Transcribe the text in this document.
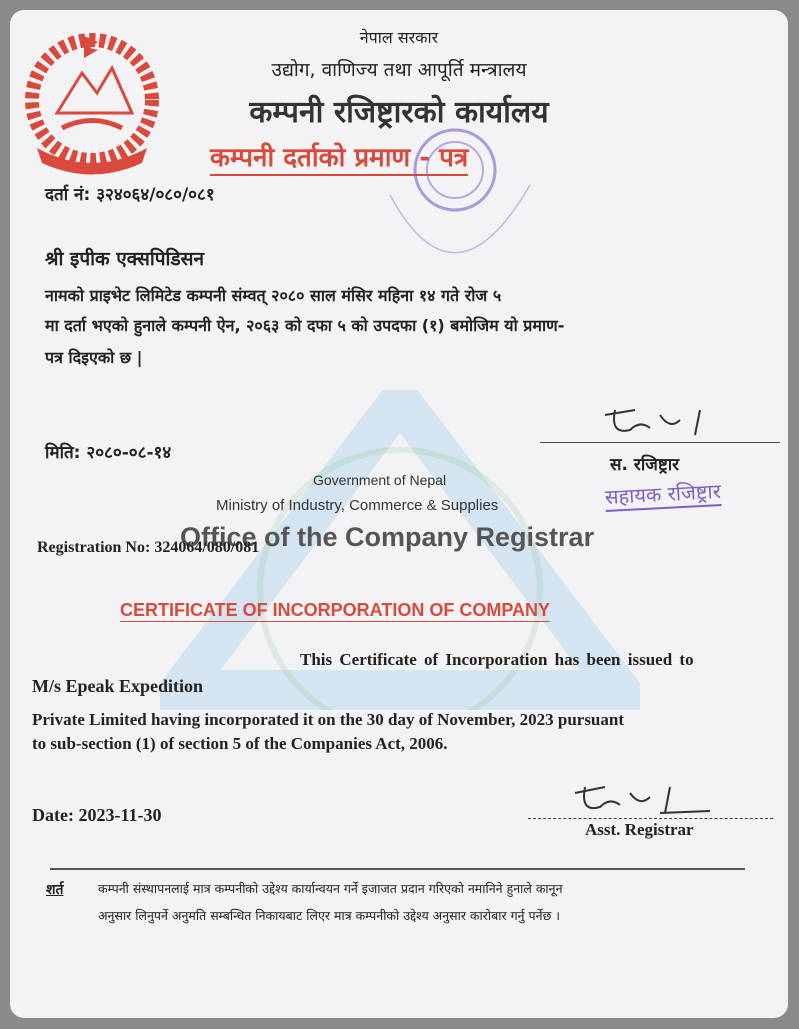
नेपाल सरकार
उद्योग, वाणिज्य तथा आपूर्ति मन्त्रालय
कम्पनी रजिष्ट्रारको कार्यालय
कम्पनी दर्ताको प्रमाण - पत्र
दर्ता नं: ३२४०६४/०८०/०८१
श्री इपीक एक्सपिडिसन
नामको प्राइभेट लिमिटेड कम्पनी संम्वत् २०८० साल मंसिर महिना १४ गते रोज ५
मा दर्ता भएको हुनाले कम्पनी ऐन, २०६३ को दफा ५ को उपदफा (१) बमोजिम यो प्रमाण-
पत्र दिइएको छ |
मिति: २०८०-०८-१४
स. रजिष्ट्रार
सहायक रजिष्ट्रार
Government of Nepal
Ministry of Industry, Commerce & Supplies
Office of the Company Registrar
Registration No: 324064/080/081
CERTIFICATE OF INCORPORATION OF COMPANY
This Certificate of Incorporation has been issued to
M/s Epeak Expedition
Private Limited having incorporated it on the 30 day of November, 2023 pursuant
to sub-section (1) of section 5 of the Companies Act, 2006.
Date: 2023-11-30
Asst. Registrar
शर्त	कम्पनी संस्थापनलाई मात्र कम्पनीको उद्देश्य कार्यान्वयन गर्ने इजाजत प्रदान गरिएको नमानिने हुनाले कानून
अनुसार लिनुपर्ने अनुमति सम्बन्धित निकायबाट लिएर मात्र कम्पनीको उद्देश्य अनुसार कारोबार गर्नु पर्नेछ ।
